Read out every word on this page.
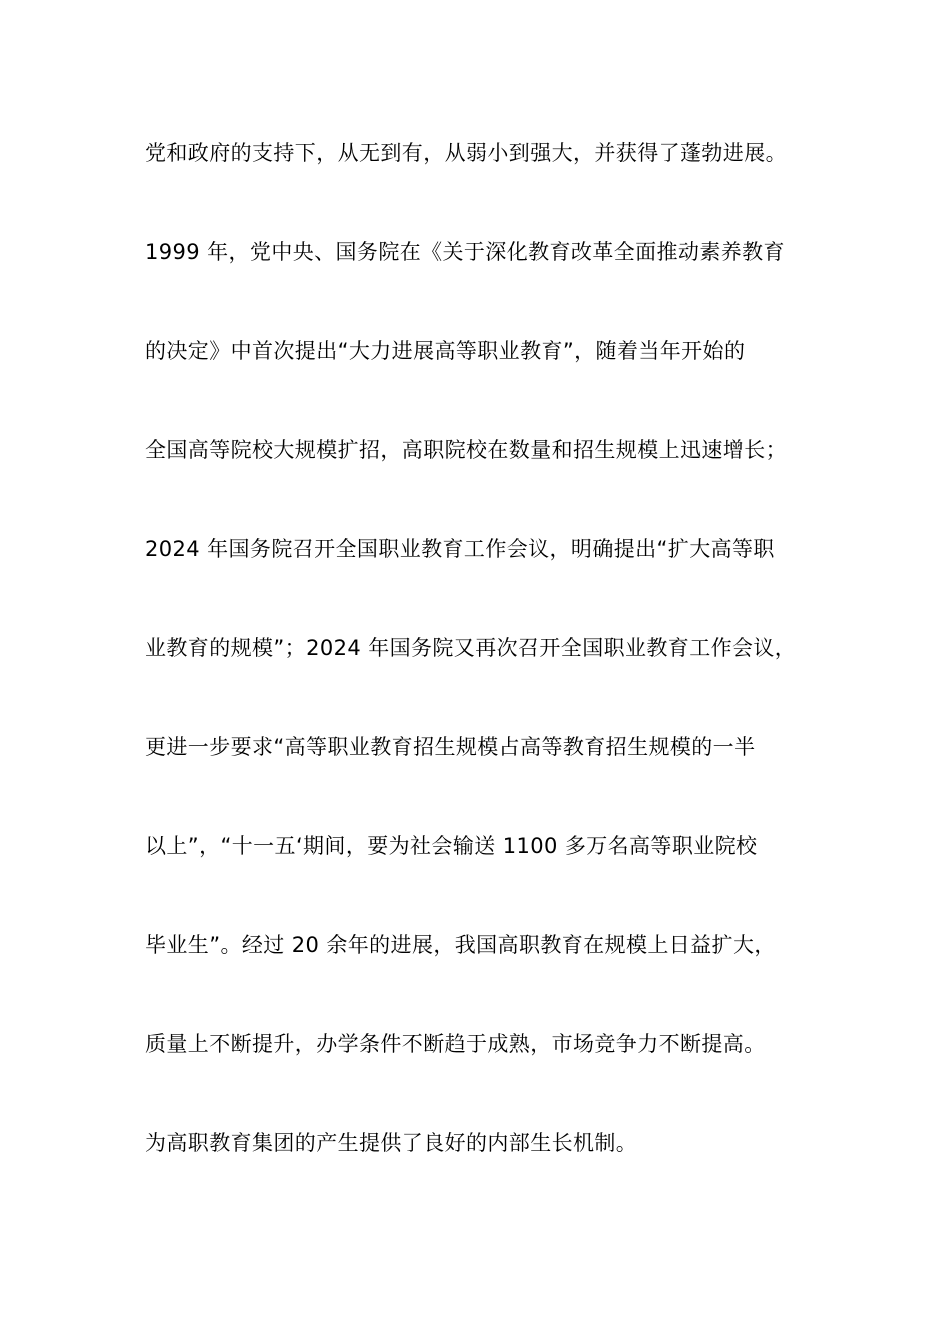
党和政府的支持下，从无到有，从弱小到强大，并获得了蓬勃进展。
1999 年，党中央、国务院在《关于深化教育改革全面推动素养教育
的决定》中首次提出“大力进展高等职业教育”，随着当年开始的
全国高等院校大规模扩招，高职院校在数量和招生规模上迅速增长；
2024 年国务院召开全国职业教育工作会议，明确提出“扩大高等职
业教育的规模”；2024 年国务院又再次召开全国职业教育工作会议，
更进一步要求“高等职业教育招生规模占高等教育招生规模的一半
以上”，“十一五‘期间，要为社会输送 1100 多万名高等职业院校
毕业生”。经过 20 余年的进展，我国高职教育在规模上日益扩大，
质量上不断提升，办学条件不断趋于成熟，市场竞争力不断提高。
为高职教育集团的产生提供了良好的内部生长机制。
